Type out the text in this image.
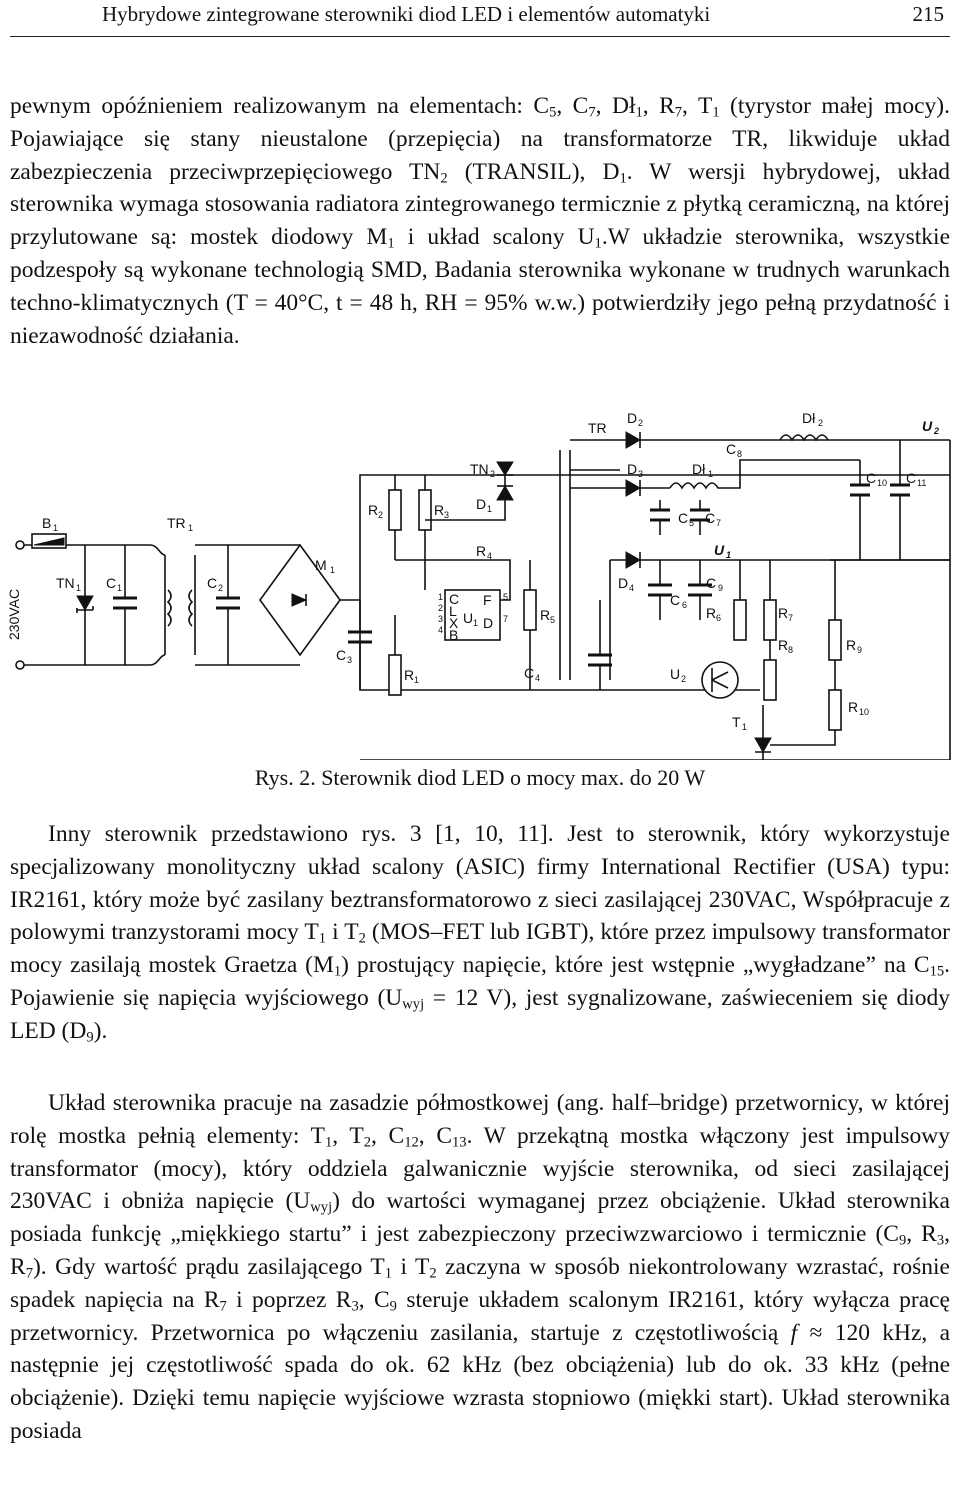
Hybrydowe zintegrowane sterowniki diod LED i elementów automatyki	215

pewnym opóźnieniem realizowanym na elementach: $C_5$, $C_7$, $Dł_1$, $R_7$, $T_1$ (tyrystor małej mocy). Pojawiające się stany nieustalone (przepięcia) na transformatorze TR, likwiduje układ zabezpieczenia przeciwprzepięciowego $TN_2$ (TRANSIL), $D_1$. W wersji hybrydowej, układ sterownika wymaga stosowania radiatora zintegrowanego termicznie z płytką ceramiczną, na której przylutowane są: mostek diodowy $M_1$ i układ scalony $U_1.W$ układzie sterownika, wszystkie podzespoły są wykonane technologią SMD, Badania sterownika wykonane w trudnych warunkach techno-klimatycznych (T = 40°C, t = 48 h, RH = 95% w.w.) potwierdziły jego pełną przydatność i niezawodność działania.

B 1
230VAC
TN 1 C 1
TR 1
C 2
M 1
C 3
R 2	R 3
R 1
C
L
X
B
F
D
U 1
1
2
3
4
5
7
R 4
R 5
C 4
TN 2
D 1
TR
D 2
D 3	Dł 1
C 5 C 7
C 8
Dł 2	U 2
C 10 C 11
U 1
D 4
C 6
C 9
R 6	R 7
R 8	R 9
U 2
R 10
T 1
Rys. 2. Sterownik diod LED o mocy max. do 20 W

Inny sterownik przedstawiono rys. 3 [1, 10, 11]. Jest to sterownik, który wykorzystuje specjalizowany monolityczny układ scalony (ASIC) firmy International Rectifier (USA) typu: IR2161, który może być zasilany beztransformatorowo z sieci zasilającej 230VAC, Współpracuje z polowymi tranzystorami mocy $T_1$ i $T_2$ (MOS–FET lub IGBT), które przez impulsowy transformator mocy zasilają mostek Graetza $(M_1)$ prostujący napięcie, które jest wstępnie „wygładzane” na $C_{15}$. Pojawienie się napięcia wyjściowego ($U_{wyj} = 12$ V), jest sygnalizowane, zaświeceniem się diody LED $(D_9)$.

Układ sterownika pracuje na zasadzie półmostkowej (ang. half–bridge) przetwornicy, w której rolę mostka pełnią elementy: $T_1$, $T_2$, $C_{12}$, $C_{13}$. W przekątną mostka włączony jest impulsowy transformator (mocy), który oddziela galwanicznie wyjście sterownika, od sieci zasilającej 230VAC i obniża napięcie $(U_{wyj})$ do wartości wymaganej przez obciążenie. Układ sterownika posiada funkcję „miękkiego startu” i jest zabezpieczony przeciwzwarciowo i termicznie ($C_9$, $R_3$, $R_7$). Gdy wartość prądu zasilającego $T_1$ i $T_2$ zaczyna w sposób niekontrolowany wzrastać, rośnie spadek napięcia na $R_7$ i poprzez $R_3$, $C_9$ steruje układem scalonym IR2161, który wyłącza pracę przetwornicy. Przetwornica po włączeniu zasilania, startuje z częstotliwością f ≈ 120 kHz, a następnie jej częstotliwość spada do ok. 62 kHz (bez obciążenia) lub do ok. 33 kHz (pełne obciążenie). Dzięki temu napięcie wyjściowe wzrasta stopniowo (miękki start). Układ sterownika posiada
